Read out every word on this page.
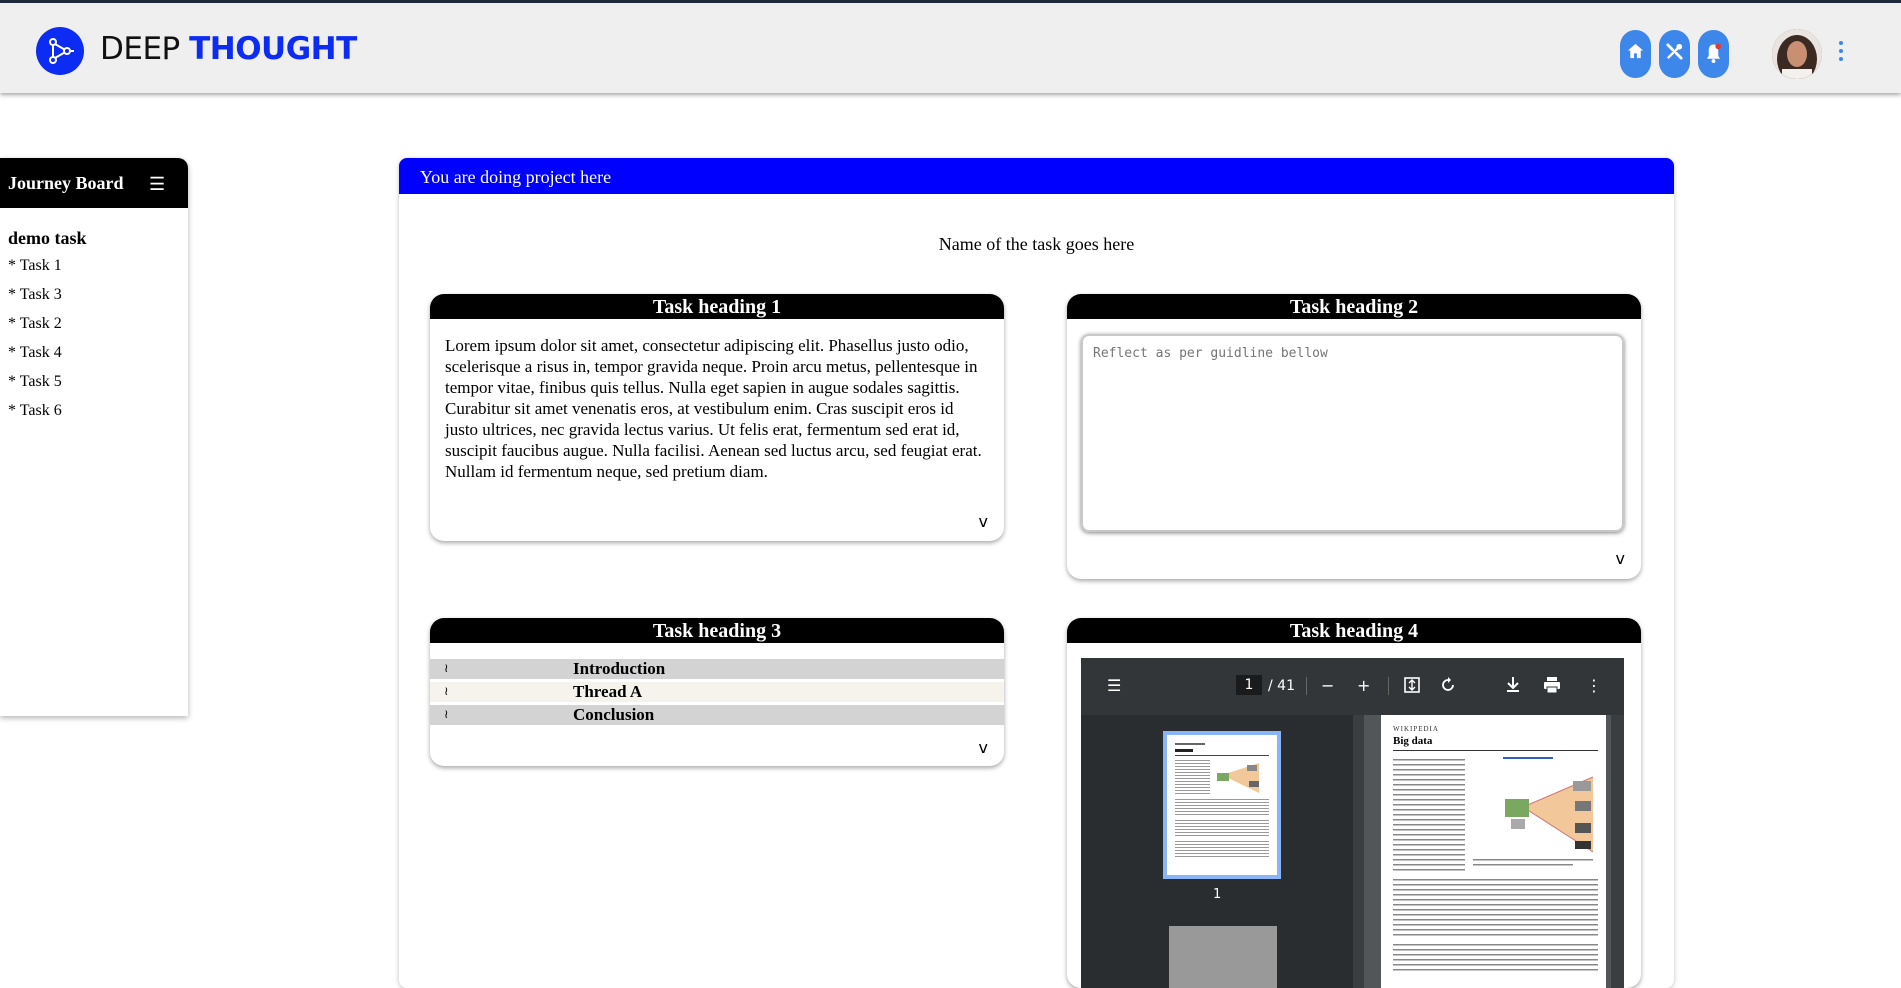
DEEP THOUGHT
Journey Board ☰
demo task
* Task 1
* Task 3
* Task 2
* Task 4
* Task 5
* Task 6
You are doing project here
Name of the task goes here
Task heading 1
Lorem ipsum dolor sit amet, consectetur adipiscing elit. Phasellus justo odio, scelerisque a risus in, tempor gravida neque. Proin arcu metus, pellentesque in tempor vitae, finibus quis tellus. Nulla eget sapien in augue sodales sagittis. Curabitur sit amet venenatis eros, at vestibulum enim. Cras suscipit eros id justo ultrices, nec gravida lectus varius. Ut felis erat, fermentum sed erat id, suscipit faucibus augue. Nulla facilisi. Aenean sed luctus arcu, sed feugiat erat. Nullam id fermentum neque, sed pretium diam.
v
Task heading 2
Reflect as per guidline bellow
v
Task heading 3
≀	Introduction
≀	Thread A
≀	Conclusion
v
Task heading 4
☰	1	/ 41 − +	⋮
1
WIKIPEDIA
Big data
